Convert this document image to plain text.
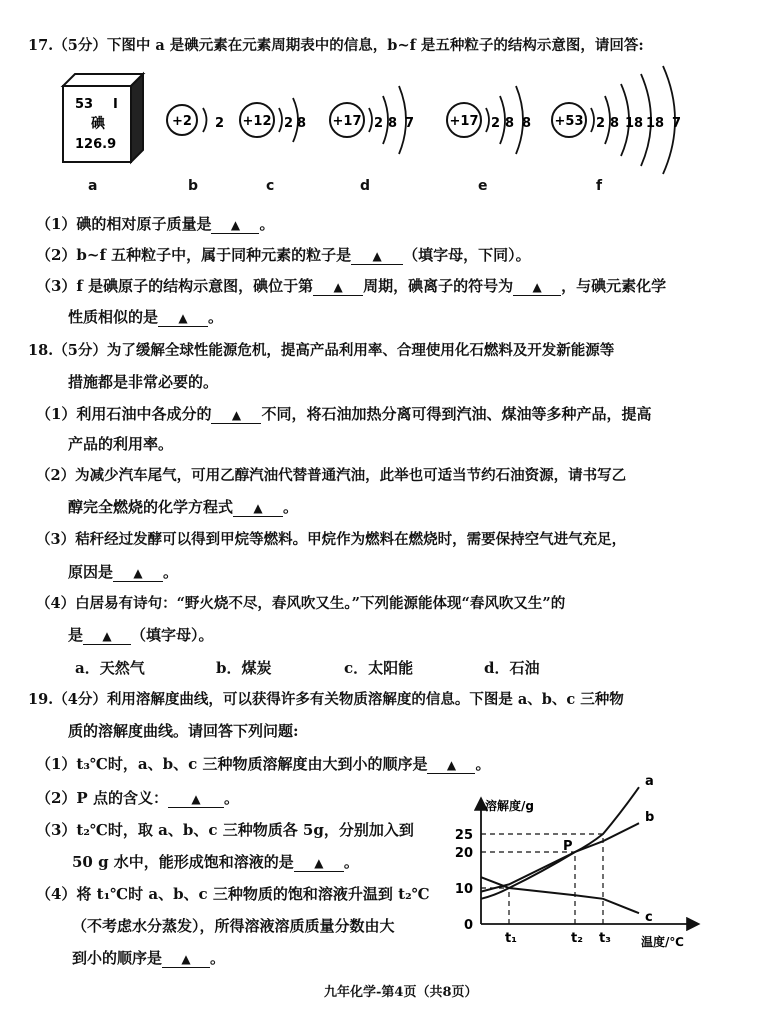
17.（5分）下图中 a 是碘元素在元素周期表中的信息，b~f 是五种粒子的结构示意图，请回答:
53 I
碘
126.9
+2 2 +12 2 8 +17 2 8 7	+17 2 8 8 +53 2 8 18 18 7
a	b	c	d	e	f
（1）碘的相对原子质量是 ▲ 。
（2）b~f 五种粒子中，属于同种元素的粒子是 ▲ （填字母，下同）。
（3）f 是碘原子的结构示意图，碘位于第 ▲ 周期，碘离子的符号为 ▲ ，与碘元素化学
性质相似的是 ▲ 。
18.（5分）为了缓解全球性能源危机，提高产品利用率、合理使用化石燃料及开发新能源等
措施都是非常必要的。
（1）利用石油中各成分的 ▲ 不同，将石油加热分离可得到汽油、煤油等多种产品，提高
产品的利用率。
（2）为减少汽车尾气，可用乙醇汽油代替普通汽油，此举也可适当节约石油资源，请书写乙
醇完全燃烧的化学方程式 ▲ 。
（3）秸秆经过发酵可以得到甲烷等燃料。甲烷作为燃料在燃烧时，需要保持空气进气充足，
原因是 ▲ 。
（4）白居易有诗句：“野火烧不尽，春风吹又生。”下列能源能体现“春风吹又生”的
是 ▲ （填字母）。
a．天然气	b．煤炭	c．太阳能	d．石油
19.（4分）利用溶解度曲线，可以获得许多有关物质溶解度的信息。下图是 a、b、c 三种物
质的溶解度曲线。请回答下列问题:
（1）t₃℃时，a、b、c 三种物质溶解度由大到小的顺序是 ▲ 。
（2）P 点的含义： ▲ 。
（3）t₂℃时，取 a、b、c 三种物质各 5g，分别加入到
50 g 水中，能形成饱和溶液的是 ▲ 。
（4）将 t₁℃时 a、b、c 三种物质的饱和溶液升温到 t₂℃
（不考虑水分蒸发），所得溶液溶质质量分数由大
到小的顺序是 ▲ 。
溶解度/g
温度/℃
0
10
20
25
t₁	t₂ t₃
a
b
c
P
九年化学-第4页（共8页）
